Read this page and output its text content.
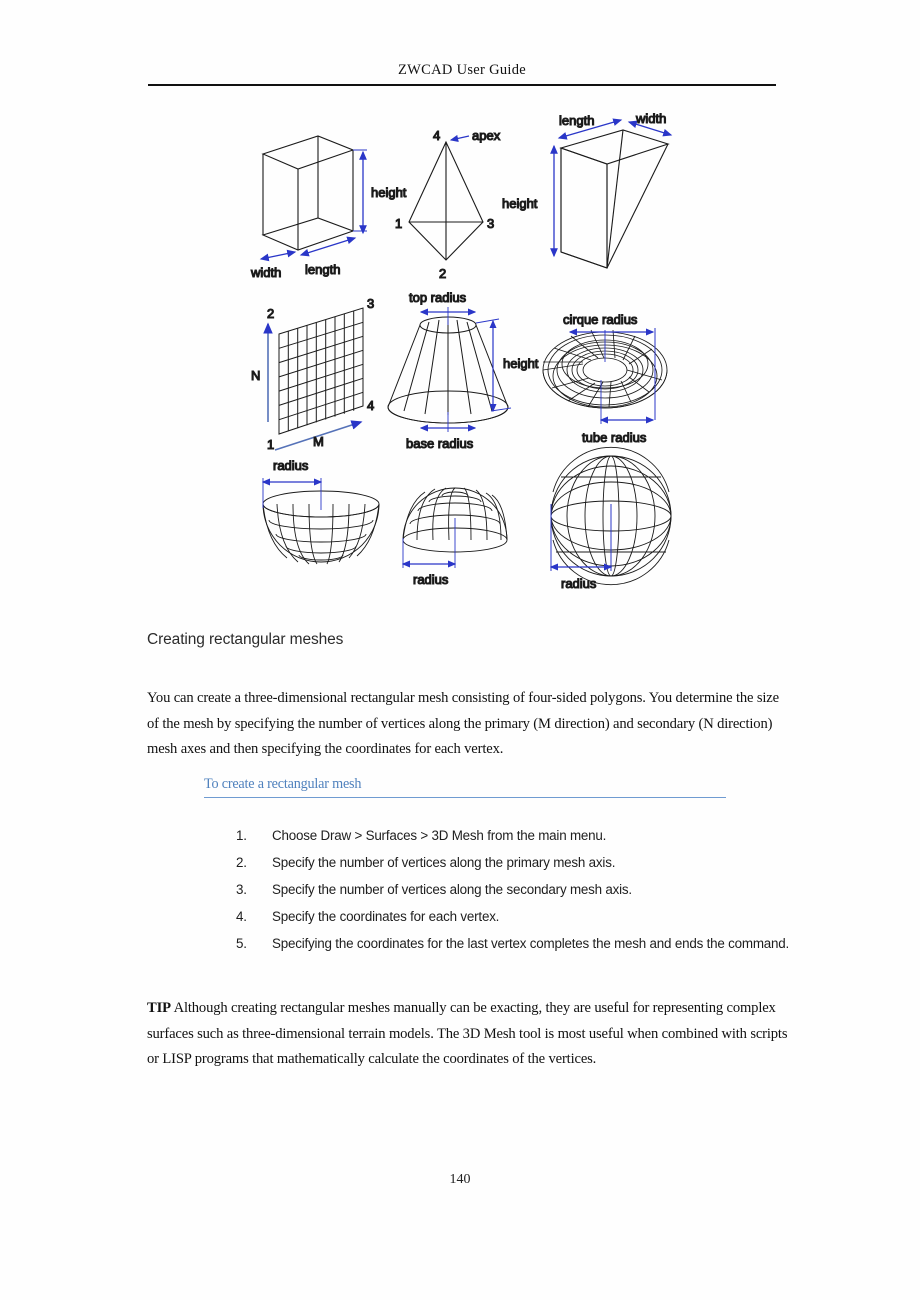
ZWCAD User Guide
height
width length
4 apex
1	3
2
height
length	width
2
3
4
1
N
M
top radius
height
base radius
cirque radius
tube radius
radius
radius	radius
Creating rectangular meshes
You can create a three-dimensional rectangular mesh consisting of four-sided polygons. You determine the size of the mesh by specifying the number of vertices along the primary (M direction) and secondary (N direction) mesh axes and then specifying the coordinates for each vertex.
To create a rectangular mesh
1.	Choose Draw > Surfaces > 3D Mesh from the main menu.
2.	Specify the number of vertices along the primary mesh axis.
3.	Specify the number of vertices along the secondary mesh axis.
4.	Specify the coordinates for each vertex.
5.	Specifying the coordinates for the last vertex completes the mesh and ends the command.
TIP Although creating rectangular meshes manually can be exacting, they are useful for representing complex surfaces such as three-dimensional terrain models. The 3D Mesh tool is most useful when combined with scripts or LISP programs that mathematically calculate the coordinates of the vertices.
140
